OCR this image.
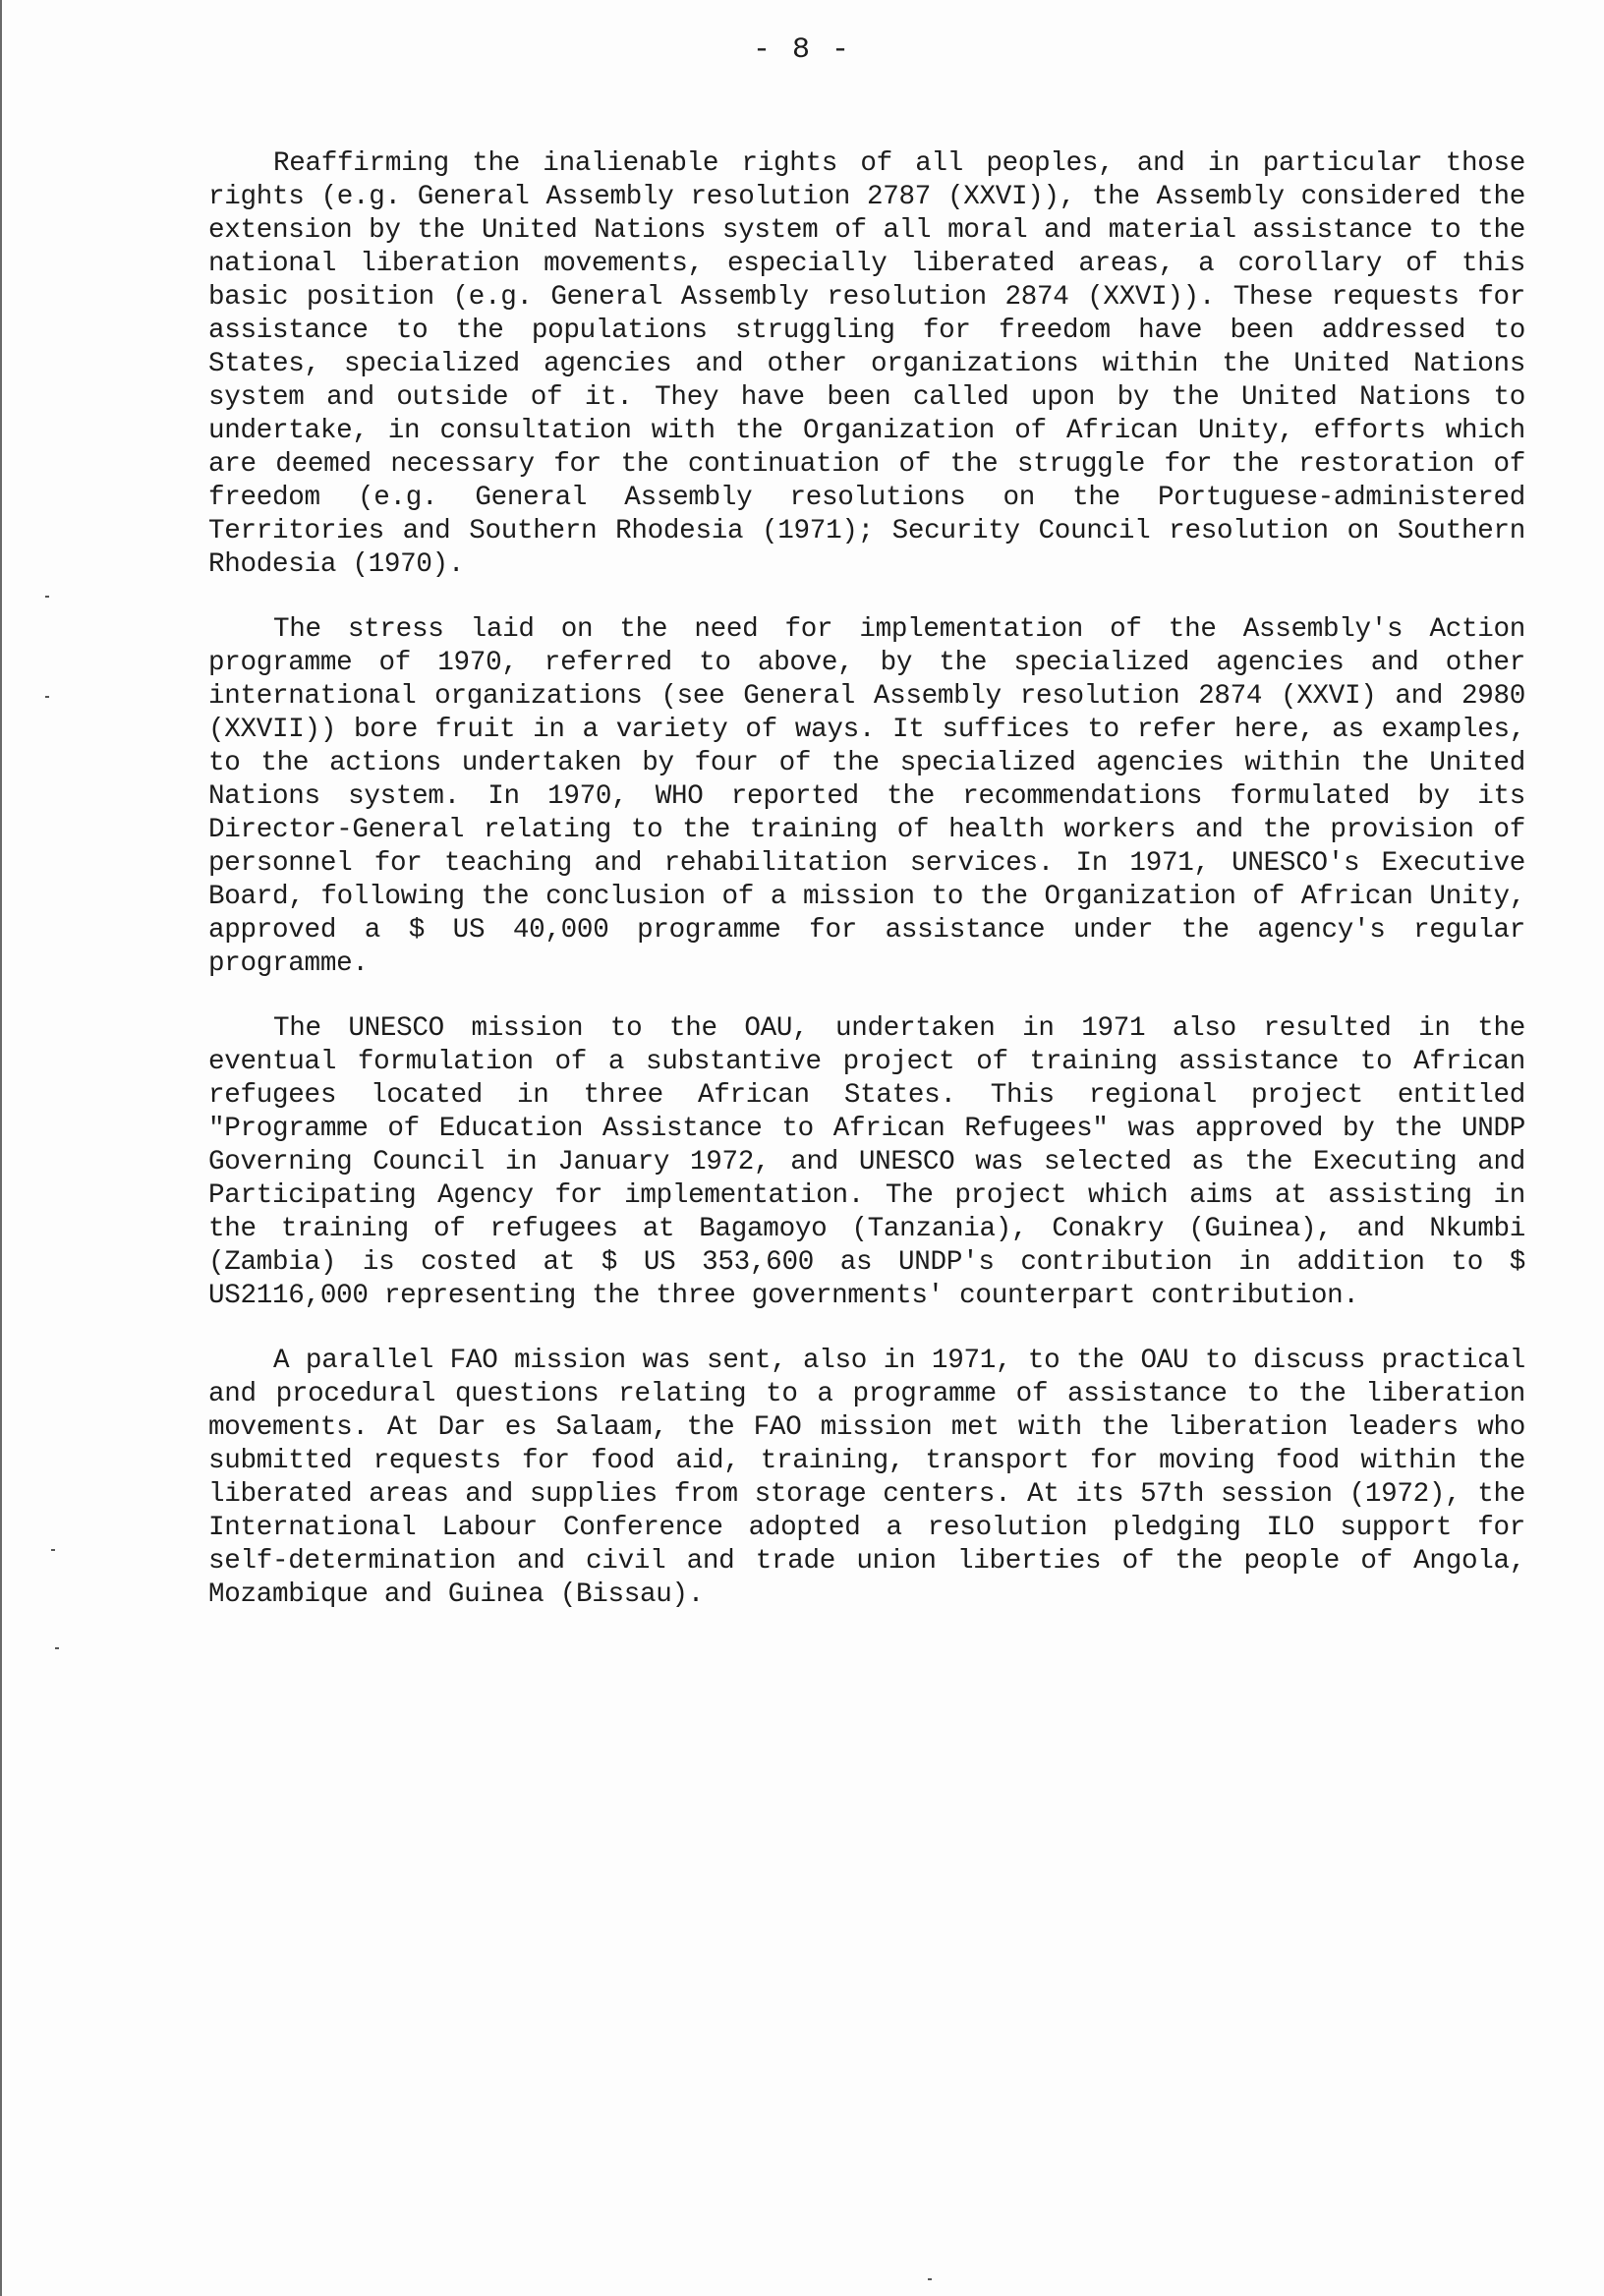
- 8 -

Reaffirming the inalienable rights of all peoples, and in particular those rights (e.g. General Assembly resolution 2787 (XXVI)), the Assembly considered the extension by the United Nations system of all moral and material assistance to the national liberation movements, especially liberated areas, a corollary of this basic position (e.g. General Assembly resolution 2874 (XXVI)). These requests for assistance to the populations struggling for freedom have been addressed to States, specialized agencies and other organizations within the United Nations system and outside of it. They have been called upon by the United Nations to undertake, in consultation with the Organization of African Unity, efforts which are deemed necessary for the continuation of the struggle for the restoration of freedom (e.g. General Assembly resolutions on the Portuguese-administered Territories and Southern Rhodesia (1971); Security Council resolution on Southern Rhodesia (1970).

The stress laid on the need for implementation of the Assembly's Action programme of 1970, referred to above, by the specialized agencies and other international organizations (see General Assembly resolution 2874 (XXVI) and 2980 (XXVII)) bore fruit in a variety of ways. It suffices to refer here, as examples, to the actions undertaken by four of the specialized agencies within the United Nations system. In 1970, WHO reported the recommendations formulated by its Director-General relating to the training of health workers and the provision of personnel for teaching and rehabilitation services. In 1971, UNESCO's Executive Board, following the conclusion of a mission to the Organization of African Unity, approved a $ US 40,000 programme for assistance under the agency's regular programme.

The UNESCO mission to the OAU, undertaken in 1971 also resulted in the eventual formulation of a substantive project of training assistance to African refugees located in three African States. This regional project entitled "Programme of Education Assistance to African Refugees" was approved by the UNDP Governing Council in January 1972, and UNESCO was selected as the Executing and Participating Agency for implementation. The project which aims at assisting in the training of refugees at Bagamoyo (Tanzania), Conakry (Guinea), and Nkumbi (Zambia) is costed at $ US 353,600 as UNDP's contribution in addition to $ US2116,000 representing the three governments' counterpart contribution.

A parallel FAO mission was sent, also in 1971, to the OAU to discuss practical and procedural questions relating to a programme of assistance to the liberation movements. At Dar es Salaam, the FAO mission met with the liberation leaders who submitted requests for food aid, training, transport for moving food within the liberated areas and supplies from storage centers. At its 57th session (1972), the International Labour Conference adopted a resolution pledging ILO support for self-determination and civil and trade union liberties of the people of Angola, Mozambique and Guinea (Bissau).
